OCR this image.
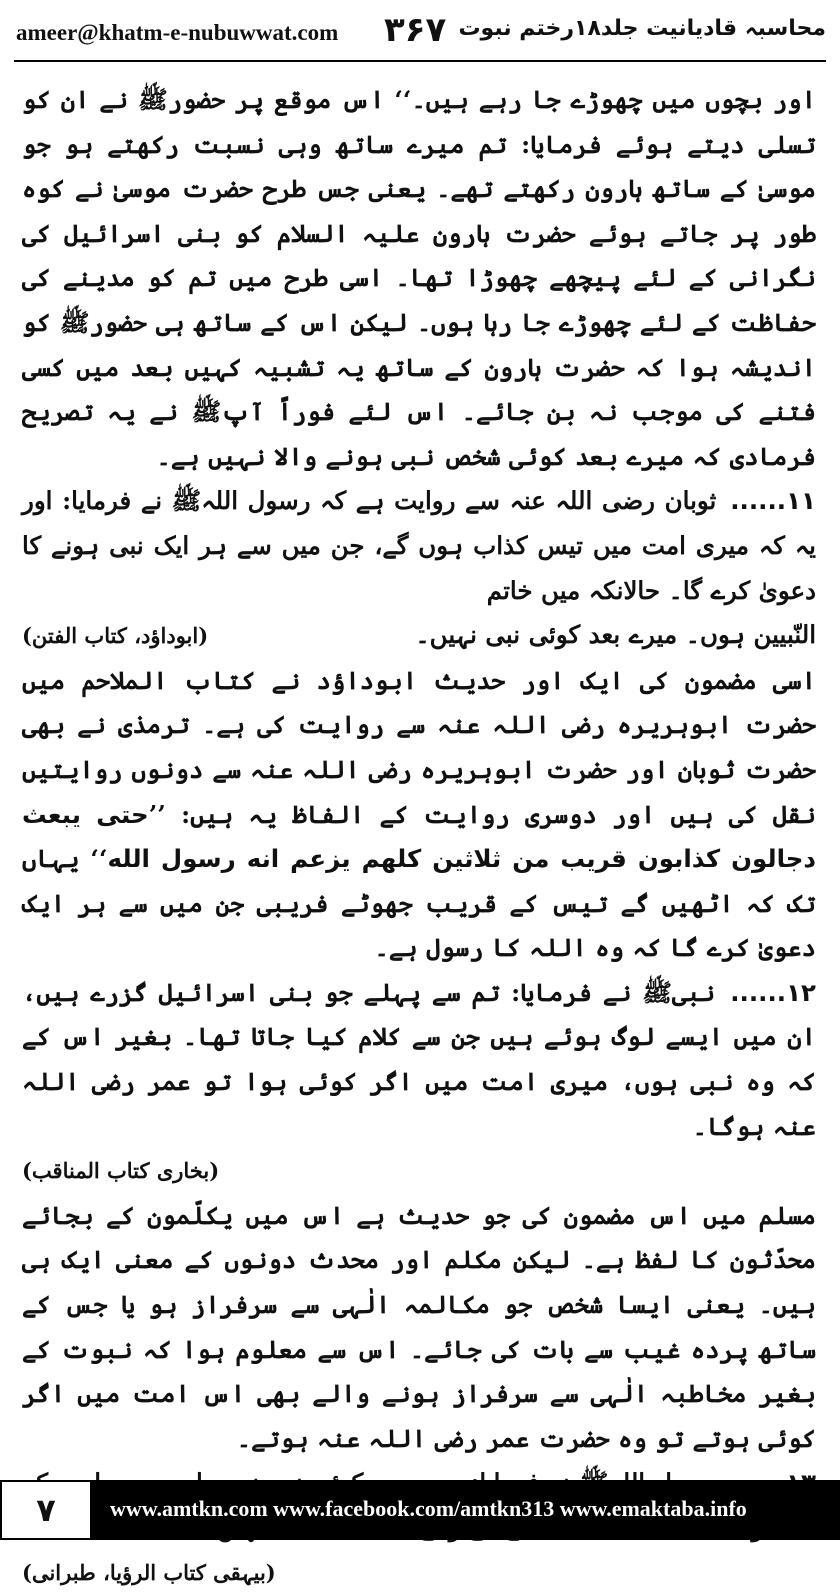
ameer@khatm-e-nubuwwat.com ۳۶۷ محاسبہ قادیانیت جلد۱۸رختم نبوت

اور بچوں میں چھوڑے جا رہے ہیں۔‘‘ اس موقع پر حضورﷺ نے ان کو تسلی دیتے ہوئے فرمایا: تم میرے ساتھ وہی نسبت رکھتے ہو جو موسیٰ کے ساتھ ہارون رکھتے تھے۔ یعنی جس طرح حضرت موسیٰ نے کوہ طور پر جاتے ہوئے حضرت ہارون علیہ السلام کو بنی اسرائیل کی نگرانی کے لئے پیچھے چھوڑا تھا۔ اسی طرح میں تم کو مدینے کی حفاظت کے لئے چھوڑے جا رہا ہوں۔ لیکن اس کے ساتھ ہی حضورﷺ کو اندیشہ ہوا کہ حضرت ہارون کے ساتھ یہ تشبیہ کہیں بعد میں کسی فتنے کی موجب نہ بن جائے۔ اس لئے فوراً آپﷺ نے یہ تصریح فرمادی کہ میرے بعد کوئی شخص نبی ہونے والا نہیں ہے۔

۱۱...... ثوبان رضی اللہ عنہ سے روایت ہے کہ رسول اللہﷺ نے فرمایا: اور یہ کہ میری امت میں تیس کذاب ہوں گے، جن میں سے ہر ایک نبی ہونے کا دعویٰ کرے گا۔ حالانکہ میں خاتم

النّبیین ہوں۔ میرے بعد کوئی نبی نہیں۔
(ابوداؤد، کتاب الفتن)

اسی مضمون کی ایک اور حدیث ابوداؤد نے کتاب الملاحم میں حضرت ابوہریرہ رضی اللہ عنہ سے روایت کی ہے۔ ترمذی نے بھی حضرت ثوبان اور حضرت ابوہریرہ رضی اللہ عنہ سے دونوں روایتیں نقل کی ہیں اور دوسری روایت کے الفاظ یہ ہیں: ’’حتی یبعث دجالون کذابون قریب من ثلاثین کلهم یزعم انه رسول الله‘‘ یہاں تک کہ اٹھیں گے تیس کے قریب جھوٹے فریبی جن میں سے ہر ایک دعویٰ کرے گا کہ وہ اللہ کا رسول ہے۔

۱۲...... نبیﷺ نے فرمایا: تم سے پہلے جو بنی اسرائیل گزرے ہیں، ان میں ایسے لوگ ہوئے ہیں جن سے کلام کیا جاتا تھا۔ بغیر اس کے کہ وہ نبی ہوں، میری امت میں اگر کوئی ہوا تو عمر رضی اللہ عنہ ہوگا۔

(بخاری کتاب المناقب)

مسلم میں اس مضمون کی جو حدیث ہے اس میں یکلّمون کے بجائے محدّثون کا لفظ ہے۔ لیکن مکلم اور محدث دونوں کے معنی ایک ہی ہیں۔ یعنی ایسا شخص جو مکالمہ الٰہی سے سرفراز ہو یا جس کے ساتھ پردہ غیب سے بات کی جائے۔ اس سے معلوم ہوا کہ نبوت کے بغیر مخاطبہ الٰہی سے سرفراز ہونے والے بھی اس امت میں اگر کوئی ہوتے تو وہ حضرت عمر رضی اللہ عنہ ہوتے۔

(بیہقی کتاب الرؤیا، طبرانی)
۷	www.amtkn.com www.facebook.com/amtkn313 www.emaktaba.info
